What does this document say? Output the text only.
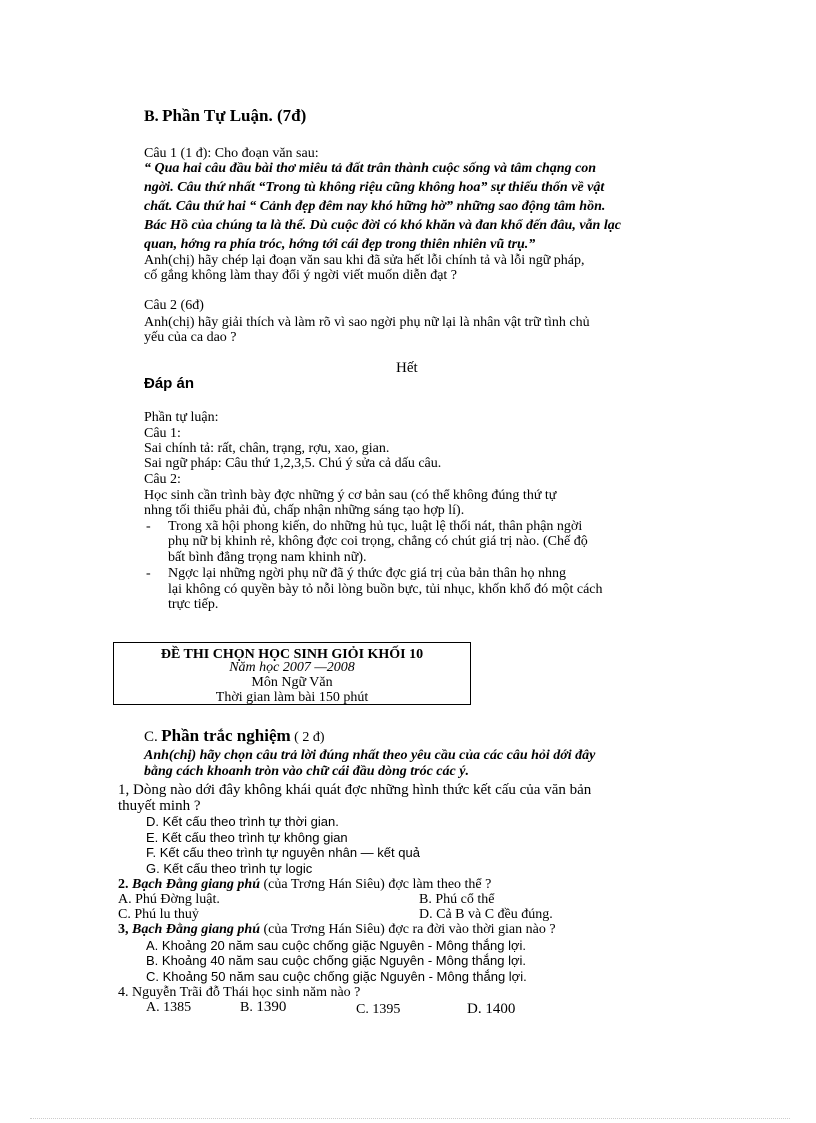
B. Phần Tự Luận. (7đ)
Câu 1 (1 đ): Cho đoạn văn sau:
“ Qua hai câu đầu bài thơ miêu tả đất trân thành cuộc sống và tâm chạng con
ngời. Câu thứ nhất “Trong tù không riệu cũng không hoa” sự thiếu thốn về vật
chất. Câu thứ hai “ Cảnh đẹp đêm nay khó hững hờ” những sao động tâm hồn.
Bác Hồ của chúng ta là thế. Dù cuộc đời có khó khăn và đan khổ đến đâu, vẫn lạc
quan, hớng ra phía tróc, hớng tới cái đẹp trong thiên nhiên vũ trụ.”
Anh(chị) hãy chép lại đoạn văn sau khi đã sửa hết lỗi chính tả và lỗi ngữ pháp,
cố gắng không làm thay đổi ý ngời viết muốn diễn đạt ?
Câu 2 (6đ)
Anh(chị) hãy giải thích và làm rõ vì sao ngời phụ nữ lại là nhân vật trữ tình chủ
yếu của ca dao ?
Hết
Đáp án
Phần tự luận:
Câu 1:
Sai chính tả: rất, chân, trạng, rợu, xao, gian.
Sai ngữ pháp: Câu thứ 1,2,3,5. Chú ý sửa cả dấu câu.
Câu 2:
Học sinh cần trình bày đợc những ý cơ bản sau (có thể không đúng thứ tự
nhng tối thiểu phải đủ, chấp nhận những sáng tạo hợp lí).
- Trong xã hội phong kiến, do những hủ tục, luật lệ thối nát, thân phận ngời
phụ nữ bị khinh rẻ, không đợc coi trọng, chẳng có chút giá trị nào. (Chế độ
bất bình đẳng trọng nam khinh nữ).
- Ngợc lại những ngời phụ nữ đã ý thức đợc giá trị của bản thân họ nhng
lại không có quyền bày tỏ nỗi lòng buồn bực, tủi nhục, khốn khổ đó một cách
trực tiếp.
ĐỀ THI CHỌN HỌC SINH GIỎI KHỐI 10
Năm học 2007 —2008
Môn Ngữ Văn
Thời gian làm bài 150 phút
C. Phần trắc nghiệm ( 2 đ)
Anh(chị) hãy chọn câu trả lời đúng nhất theo yêu cầu của các câu hỏi dới đây
bằng cách khoanh tròn vào chữ cái đầu dòng tróc các ý.
1, Dòng nào dới đây không khái quát đợc những hình thức kết cấu của văn bản
thuyết minh ?
D. Kết cấu theo trình tự thời gian.
E. Kết cấu theo trình tự không gian
F. Kết cấu theo trình tự nguyên nhân — kết quả
G. Kết cấu theo trình tự logic
2. Bạch Đằng giang phú (của Trơng Hán Siêu) đợc làm theo thể ?
A. Phú Đờng luật.	B. Phú cổ thể
C. Phú lu thuỷ	D. Cả B và C đều đúng.
3, Bạch Đằng giang phú (của Trơng Hán Siêu) đợc ra đời vào thời gian nào ?
A. Khoảng 20 năm sau cuộc chống giặc Nguyên - Mông thắng lợi.
B. Khoảng 40 năm sau cuộc chống giặc Nguyên - Mông thắng lợi.
C. Khoảng 50 năm sau cuộc chống giặc Nguyên - Mông thắng lợi.
4. Nguyễn Trãi đỗ Thái học sinh năm nào ?
A. 1385	B. 1390	C. 1395	D. 1400
